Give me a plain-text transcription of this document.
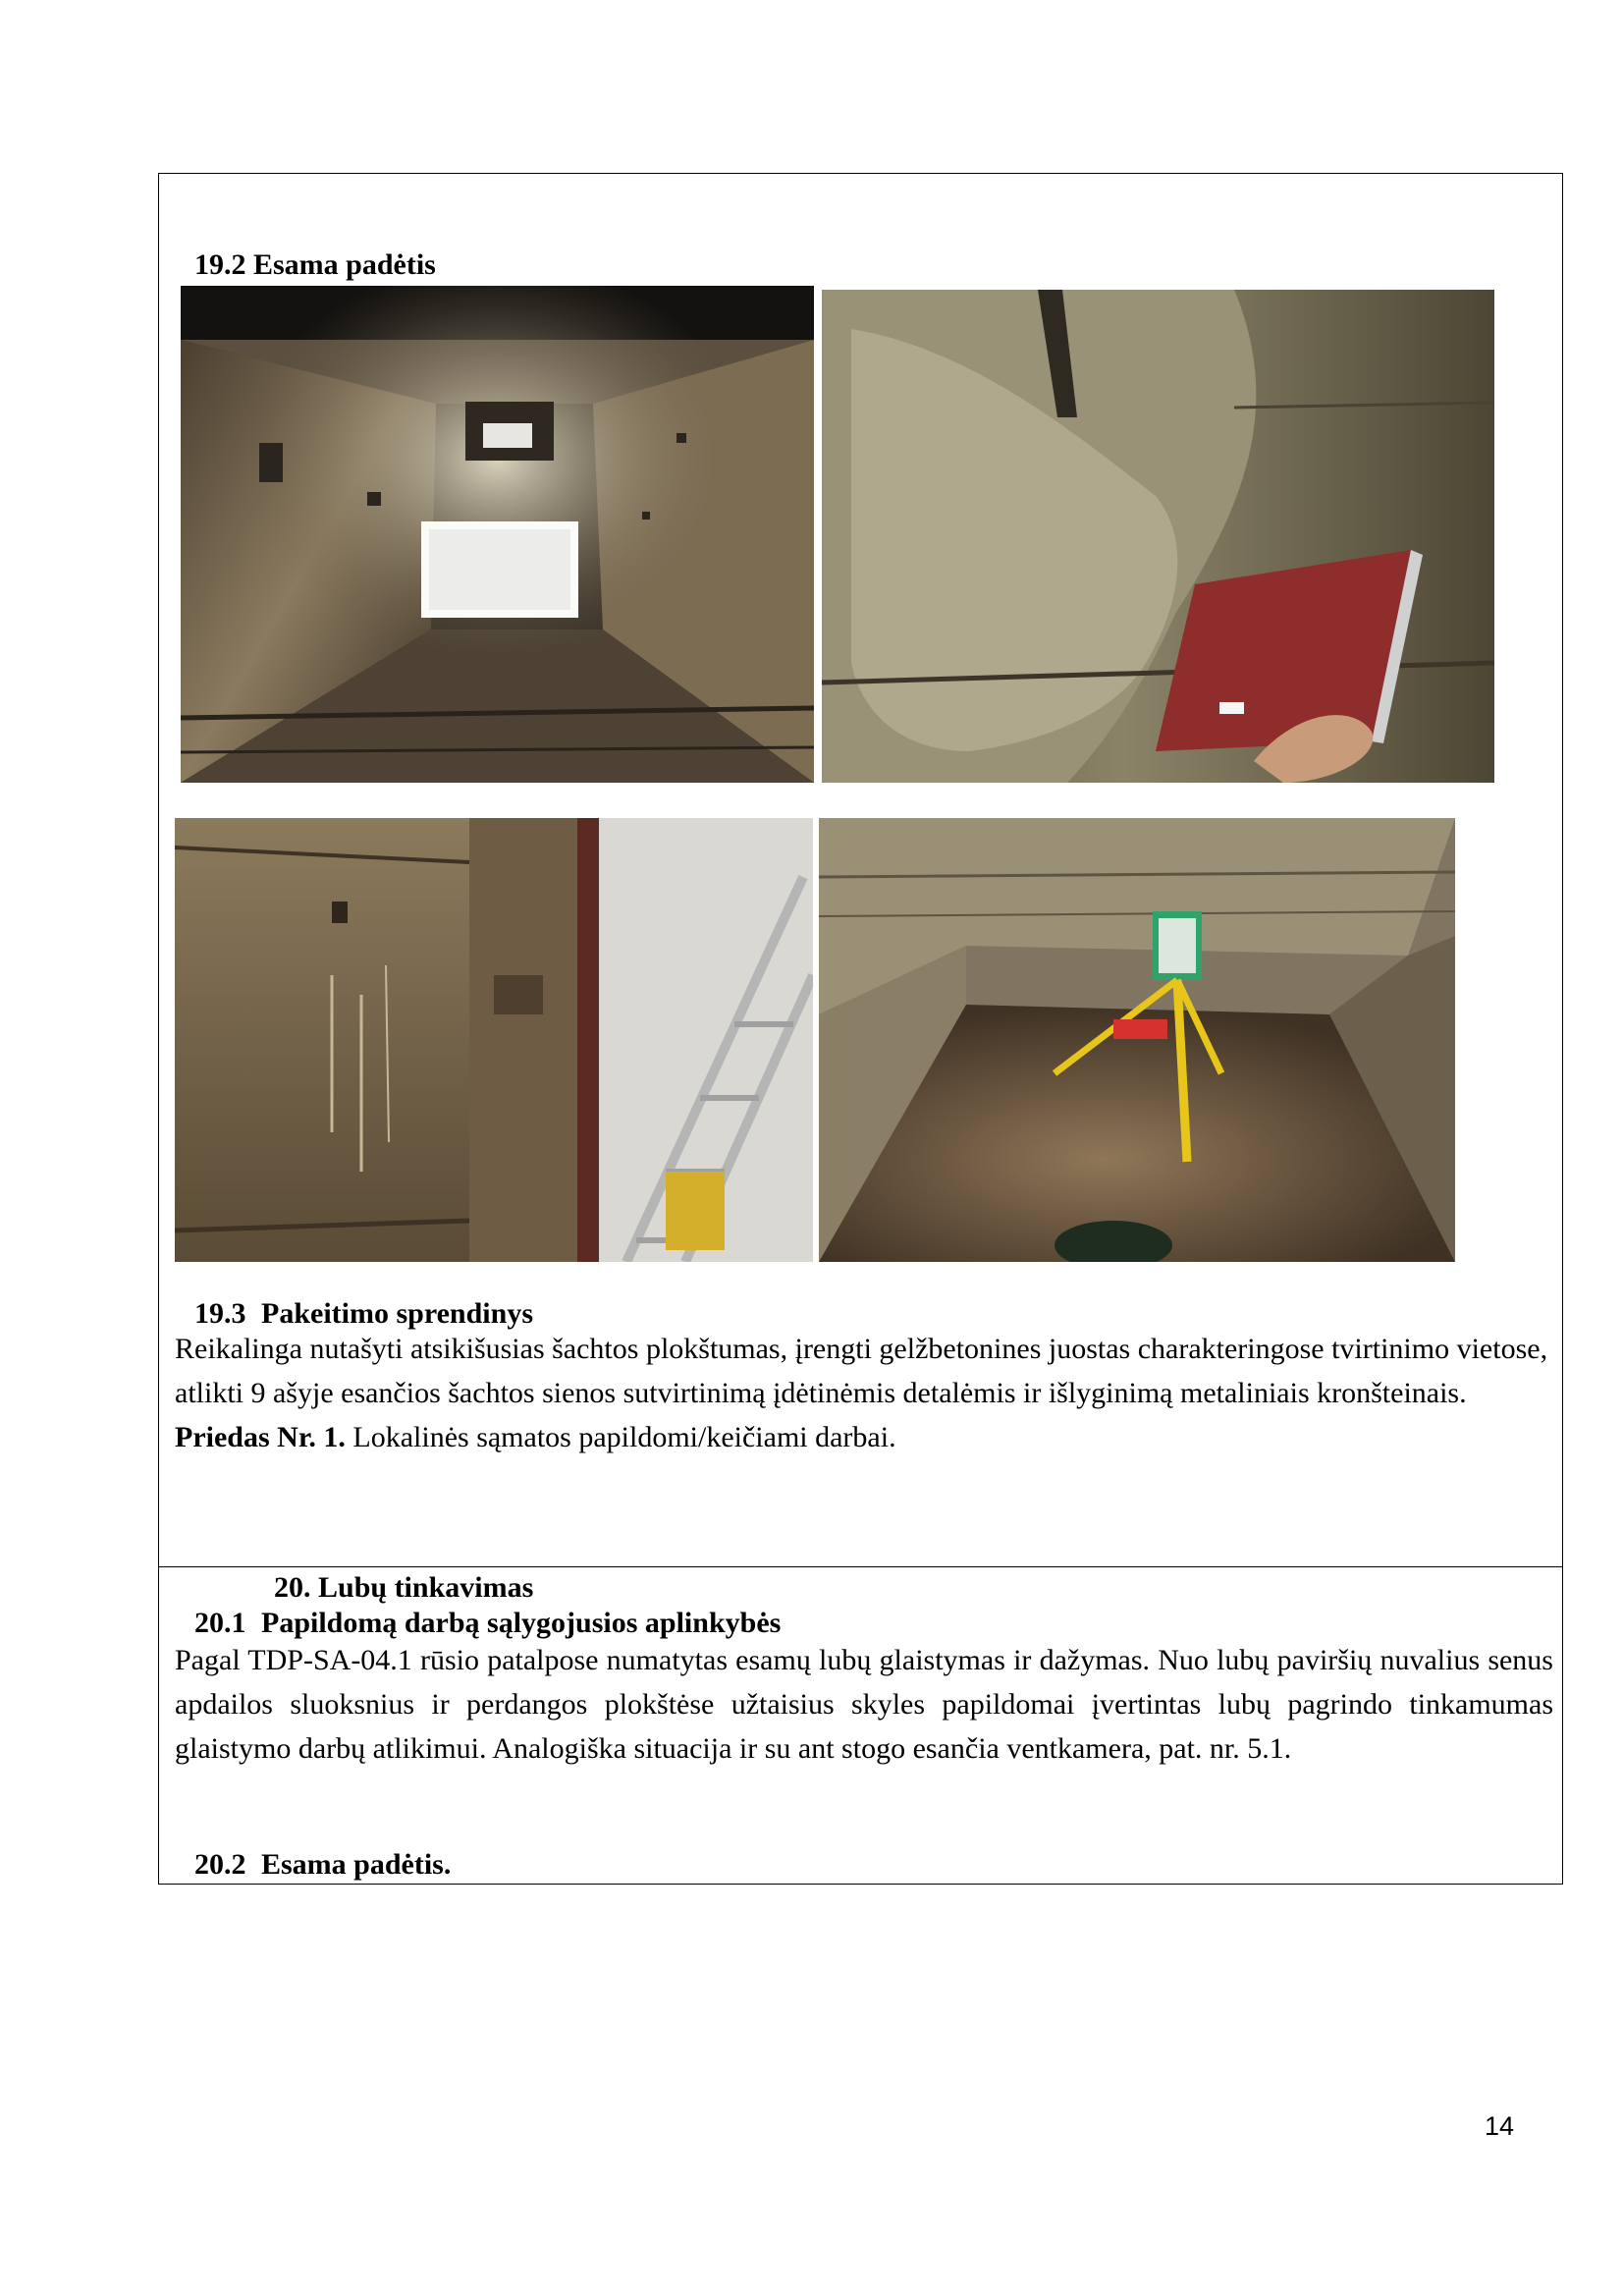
19.2 Esama padėtis
19.3 Pakeitimo sprendinys

Reikalinga nutašyti atsikišusias šachtos plokštumas, įrengti gelžbetonines juostas charakteringose tvirtinimo vietose, atlikti 9 ašyje esančios šachtos sienos sutvirtinimą įdėtinėmis detalėmis ir išlyginimą metaliniais kronšteinais. Priedas Nr. 1. Lokalinės sąmatos papildomi/keičiami darbai.

20. Lubų tinkavimas
20.1 Papildomą darbą sąlygojusios aplinkybės

Pagal TDP-SA-04.1 rūsio patalpose numatytas esamų lubų glaistymas ir dažymas. Nuo lubų paviršių nuvalius senus apdailos sluoksnius ir perdangos plokštėse užtaisius skyles papildomai įvertintas lubų pagrindo tinkamumas glaistymo darbų atlikimui. Analogiška situacija ir su ant stogo esančia ventkamera, pat. nr. 5.1.

20.2 Esama padėtis.
14
